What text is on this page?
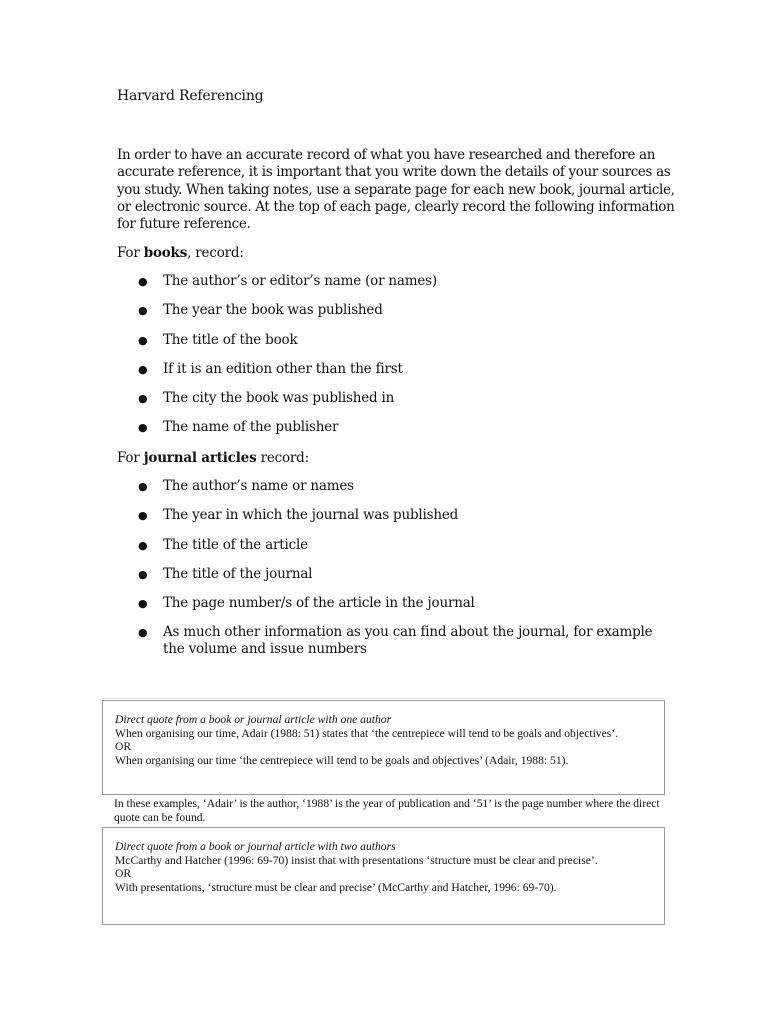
Harvard Referencing

In order to have an accurate record of what you have researched and therefore an accurate reference, it is important that you write down the details of your sources as you study. When taking notes, use a separate page for each new book, journal article, or electronic source. At the top of each page, clearly record the following information for future reference.

For books, record:

● The author’s or editor’s name (or names)
● The year the book was published
● The title of the book
● If it is an edition other than the first
● The city the book was published in
● The name of the publisher

For journal articles record:

● The author’s name or names
● The year in which the journal was published
● The title of the article
● The title of the journal
● The page number/s of the article in the journal
● As much other information as you can find about the journal, for example the volume and issue numbers
Direct quote from a book or journal article with one author
When organising our time, Adair (1988: 51) states that ‘the centrepiece will tend to be goals and objectives’.
OR
When organising our time ‘the centrepiece will tend to be goals and objectives’ (Adair, 1988: 51).
In these examples, ‘Adair’ is the author, ‘1988’ is the year of publication and ‘51’ is the page number where the direct quote can be found.
Direct quote from a book or journal article with two authors
McCarthy and Hatcher (1996: 69-70) insist that with presentations ‘structure must be clear and precise’.
OR
With presentations, ‘structure must be clear and precise’ (McCarthy and Hatcher, 1996: 69-70).
